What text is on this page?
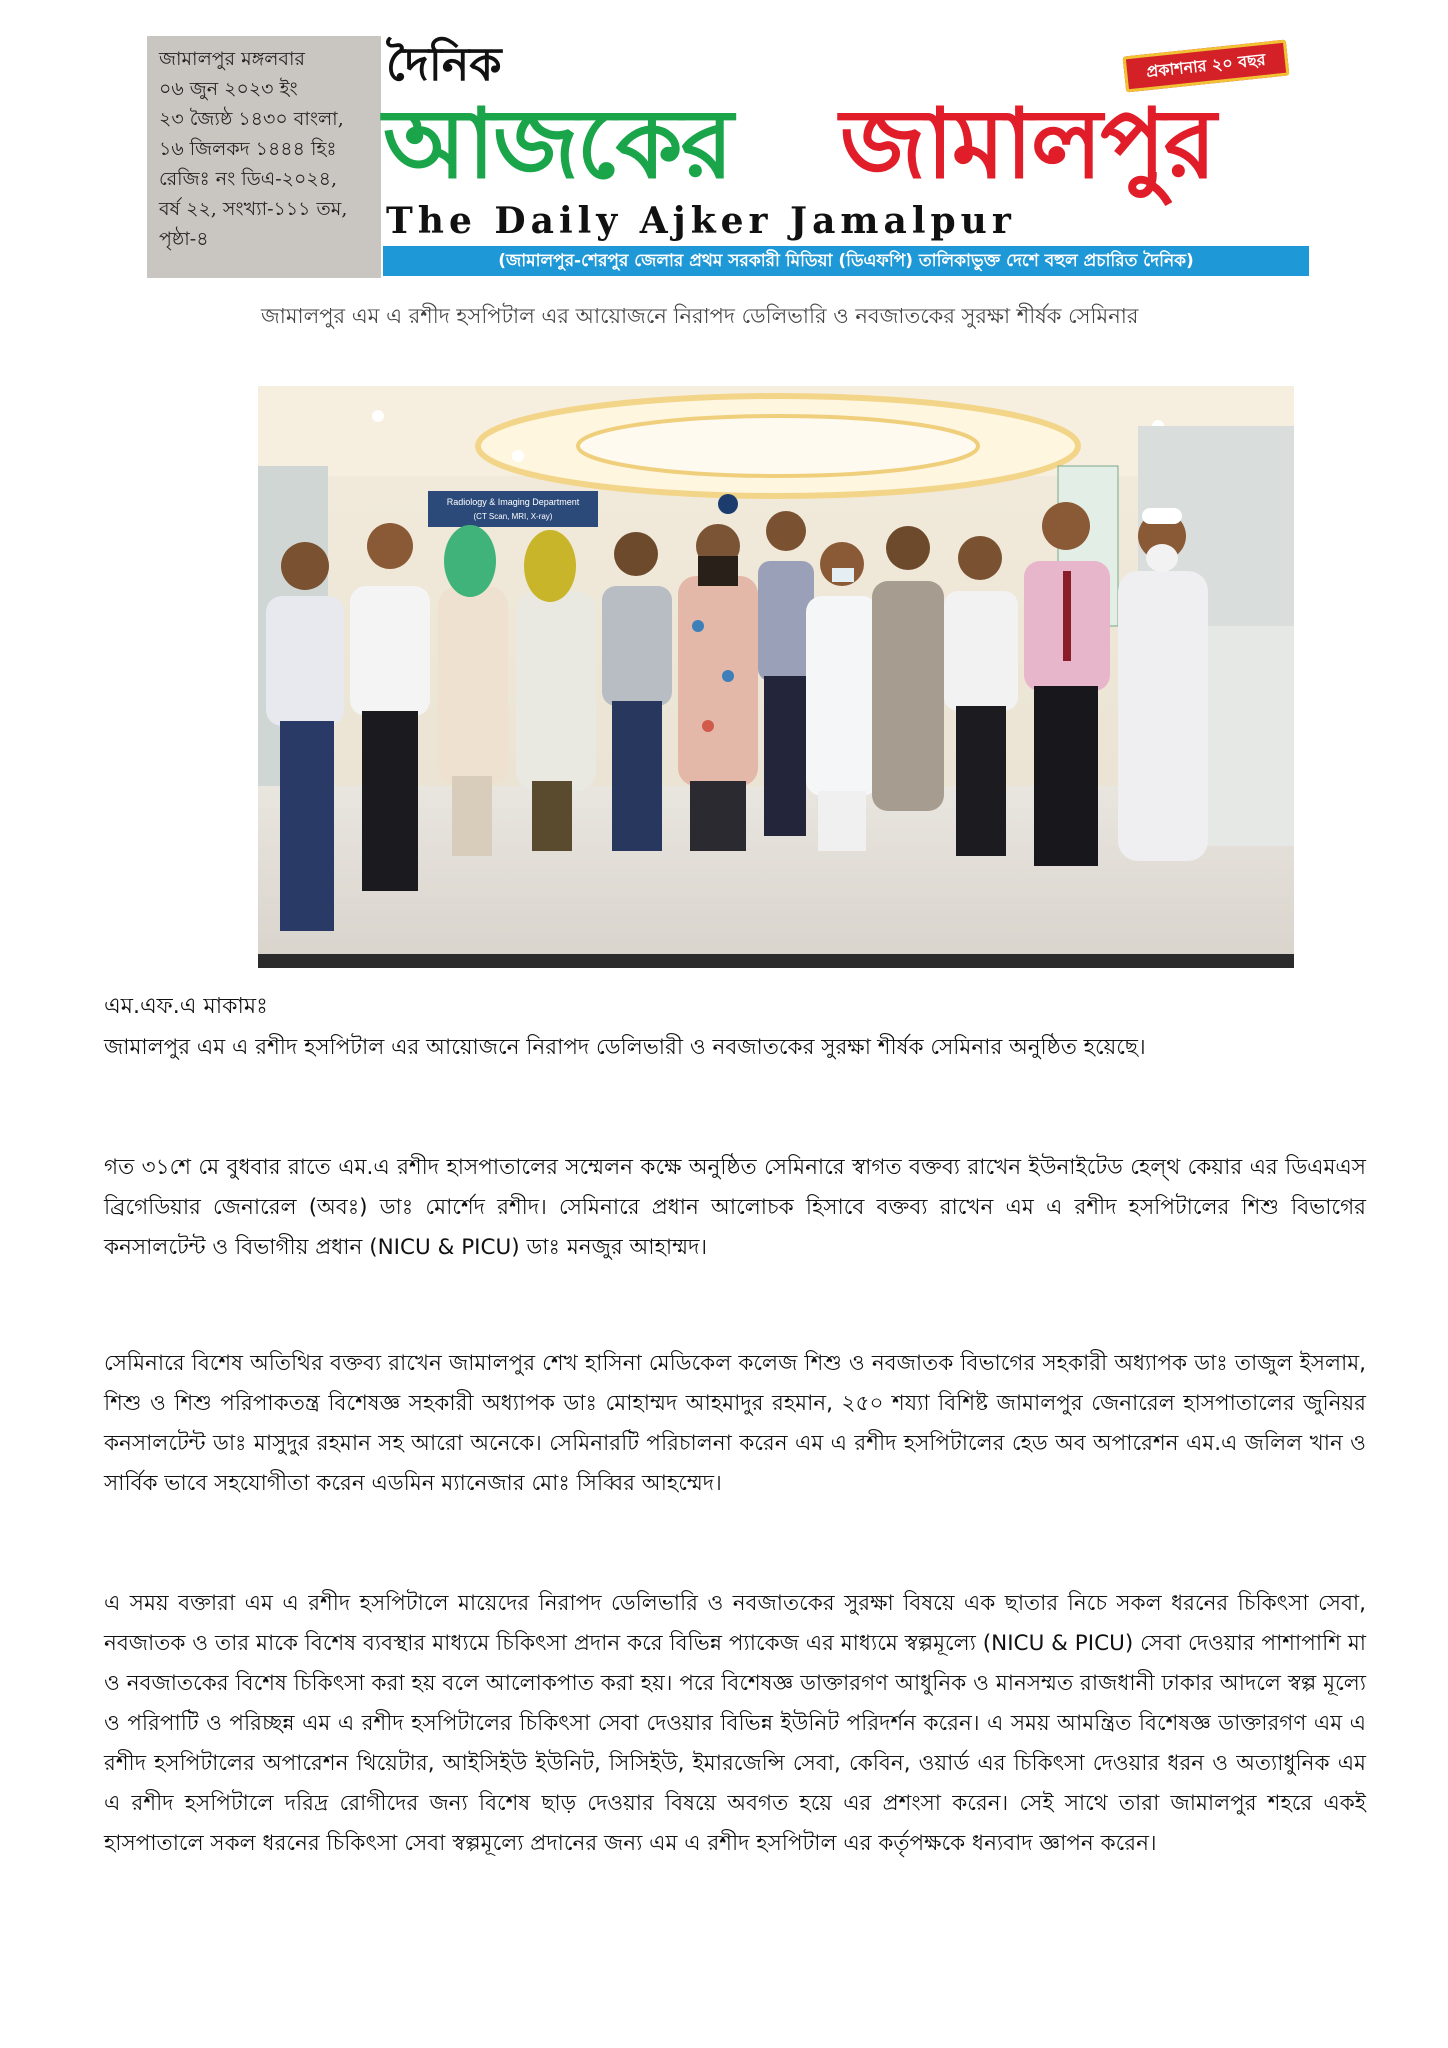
জামালপুর মঙ্গলবার
০৬ জুন ২০২৩ ইং
২৩ জ্যৈষ্ঠ ১৪৩০ বাংলা,
১৬ জিলকদ ১৪৪৪ হিঃ
রেজিঃ নং ডিএ-২০২৪,
বর্ষ ২২, সংখ্যা-১১১ তম,
পৃষ্ঠা-৪
দৈনিক	প্রকাশনার ২০ বছর
আজকের জামালপুর
The Daily Ajker Jamalpur
(জামালপুর-শেরপুর জেলার প্রথম সরকারী মিডিয়া (ডিএফপি) তালিকাভুক্ত দেশে বহুল প্রচারিত দৈনিক)
জামালপুর এম এ রশীদ হসপিটাল এর আয়োজনে নিরাপদ ডেলিভারি ও নবজাতকের সুরক্ষা শীর্ষক সেমিনার
Radiology & Imaging Department
(CT Scan, MRI, X-ray)
এম.এফ.এ মাকামঃ
জামালপুর এম এ রশীদ হসপিটাল এর আয়োজনে নিরাপদ ডেলিভারী ও নবজাতকের সুরক্ষা শীর্ষক সেমিনার অনুষ্ঠিত হয়েছে।
গত ৩১শে মে বুধবার রাতে এম.এ রশীদ হাসপাতালের সম্মেলন কক্ষে অনুষ্ঠিত সেমিনারে স্বাগত বক্তব্য রাখেন ইউনাইটেড হেল্থ কেয়ার এর ডিএমএস ব্রিগেডিয়ার জেনারেল (অবঃ) ডাঃ মোর্শেদ রশীদ। সেমিনারে প্রধান আলোচক হিসাবে বক্তব্য রাখেন এম এ রশীদ হসপিটালের শিশু বিভাগের কনসালটেন্ট ও বিভাগীয় প্রধান (NICU & PICU) ডাঃ মনজুর আহাম্মদ।
সেমিনারে বিশেষ অতিথির বক্তব্য রাখেন জামালপুর শেখ হাসিনা মেডিকেল কলেজ শিশু ও নবজাতক বিভাগের সহকারী অধ্যাপক ডাঃ তাজুল ইসলাম, শিশু ও শিশু পরিপাকতন্ত্র বিশেষজ্ঞ সহকারী অধ্যাপক ডাঃ মোহাম্মদ আহমাদুর রহমান, ২৫০ শয্যা বিশিষ্ট জামালপুর জেনারেল হাসপাতালের জুনিয়র কনসালটেন্ট ডাঃ মাসুদুর রহমান সহ আরো অনেকে। সেমিনারটি পরিচালনা করেন এম এ রশীদ হসপিটালের হেড অব অপারেশন এম.এ জলিল খান ও সার্বিক ভাবে সহযোগীতা করেন এডমিন ম্যানেজার মোঃ সিব্বির আহম্মেদ।
এ সময় বক্তারা এম এ রশীদ হসপিটালে মায়েদের নিরাপদ ডেলিভারি ও নবজাতকের সুরক্ষা বিষয়ে এক ছাতার নিচে সকল ধরনের চিকিৎসা সেবা, নবজাতক ও তার মাকে বিশেষ ব্যবস্থার মাধ্যমে চিকিৎসা প্রদান করে বিভিন্ন প্যাকেজ এর মাধ্যমে স্বল্পমূল্যে (NICU & PICU) সেবা দেওয়ার পাশাপাশি মা ও নবজাতকের বিশেষ চিকিৎসা করা হয় বলে আলোকপাত করা হয়। পরে বিশেষজ্ঞ ডাক্তারগণ আধুনিক ও মানসম্মত রাজধানী ঢাকার আদলে স্বল্প মূল্যে ও পরিপাটি ও পরিচ্ছন্ন এম এ রশীদ হসপিটালের চিকিৎসা সেবা দেওয়ার বিভিন্ন ইউনিট পরিদর্শন করেন। এ সময় আমন্ত্রিত বিশেষজ্ঞ ডাক্তারগণ এম এ রশীদ হসপিটালের অপারেশন থিয়েটার, আইসিইউ ইউনিট, সিসিইউ, ইমারজেন্সি সেবা, কেবিন, ওয়ার্ড এর চিকিৎসা দেওয়ার ধরন ও অত্যাধুনিক এম এ রশীদ হসপিটালে দরিদ্র রোগীদের জন্য বিশেষ ছাড় দেওয়ার বিষয়ে অবগত হয়ে এর প্রশংসা করেন। সেই সাথে তারা জামালপুর শহরে একই হাসপাতালে সকল ধরনের চিকিৎসা সেবা স্বল্পমূল্যে প্রদানের জন্য এম এ রশীদ হসপিটাল এর কর্তৃপক্ষকে ধন্যবাদ জ্ঞাপন করেন।
